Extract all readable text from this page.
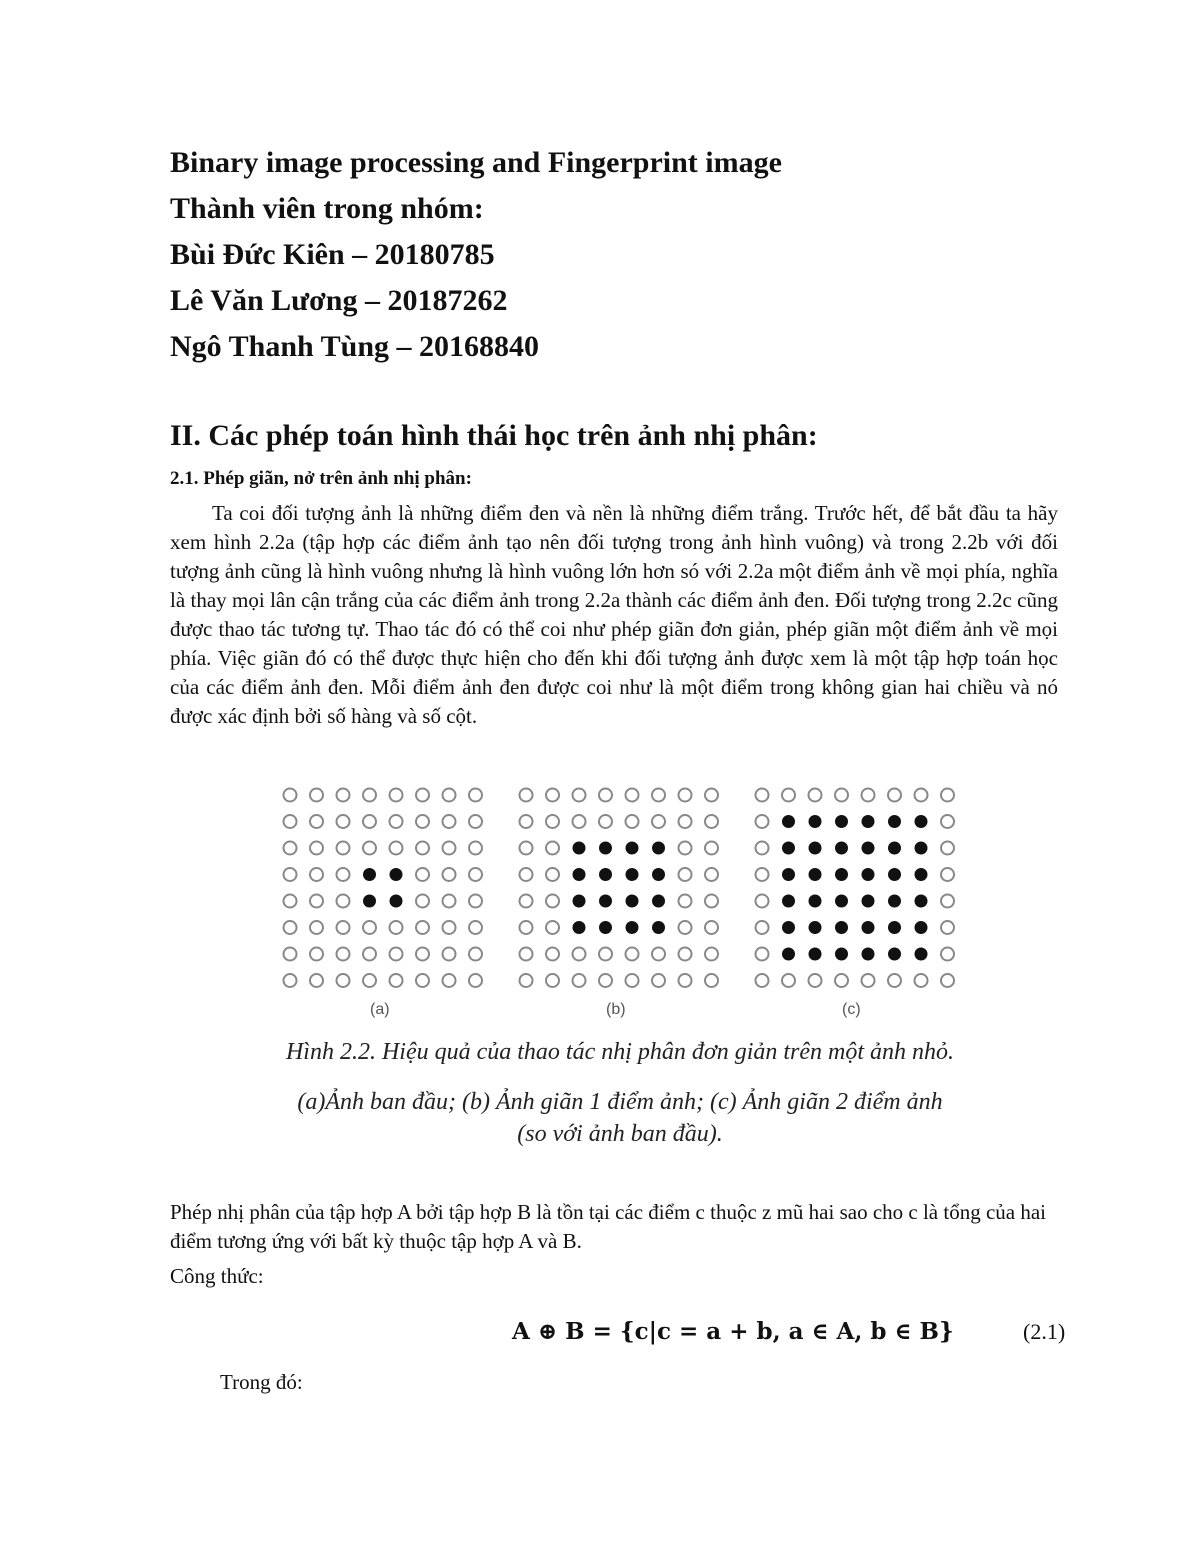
Binary image processing and Fingerprint image

Thành viên trong nhóm:

Bùi Đức Kiên – 20180785

Lê Văn Lương – 20187262

Ngô Thanh Tùng – 20168840

II. Các phép toán hình thái học trên ảnh nhị phân:

2.1. Phép giãn, nở trên ảnh nhị phân:

Ta coi đối tượng ảnh là những điểm đen và nền là những điểm trắng. Trước hết, để bắt đầu ta hãy xem hình 2.2a (tập hợp các điểm ảnh tạo nên đối tượng trong ảnh hình vuông) và trong 2.2b với đối tượng ảnh cũng là hình vuông nhưng là hình vuông lớn hơn só với 2.2a một điểm ảnh về mọi phía, nghĩa là thay mọi lân cận trắng của các điểm ảnh trong 2.2a thành các điểm ảnh đen. Đối tượng trong 2.2c cũng được thao tác tương tự. Thao tác đó có thể coi như phép giãn đơn giản, phép giãn một điểm ảnh về mọi phía. Việc giãn đó có thể được thực hiện cho đến khi đối tượng ảnh được xem là một tập hợp toán học của các điểm ảnh đen. Mỗi điểm ảnh đen được coi như là một điểm trong không gian hai chiều và nó được xác định bởi số hàng và số cột.

(a)	(b)	(c)
Hình 2.2. Hiệu quả của thao tác nhị phân đơn giản trên một ảnh nhỏ.
(a)Ảnh ban đầu; (b) Ảnh giãn 1 điểm ảnh; (c) Ảnh giãn 2 điểm ảnh
(so với ảnh ban đầu).

Phép nhị phân của tập hợp A bởi tập hợp B là tồn tại các điểm c thuộc z mũ hai sao cho c là tổng của hai điểm tương ứng với bất kỳ thuộc tập hợp A và B.

Công thức:

A ⊕ B = {c|c = a + b, a ∈ A, b ∈ B}	(2.1)

Trong đó:
